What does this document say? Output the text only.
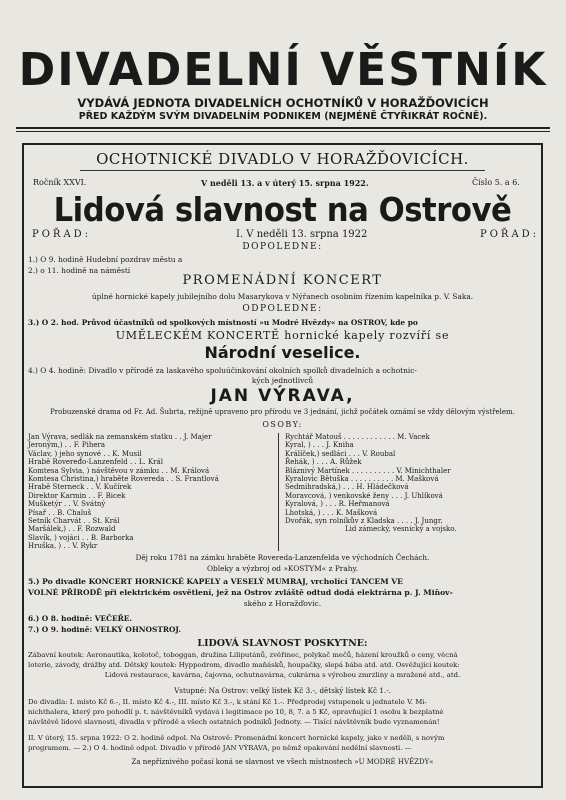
DIVADELNÍ VĚSTNÍK
VYDÁVÁ JEDNOTA DIVADELNÍCH OCHOTNÍKŮ V HORAŽĎOVICÍCH
PŘED KAŽDÝM SVÝM DIVADELNÍM PODNIKEM (NEJMÉNĚ ČTYŘIKRÁT ROČNĚ).
OCHOTNICKÉ DIVADLO V HORAŽĎOVICÍCH.
Ročník XXVI.	V neděli 13. a v úterý 15. srpna 1922.	Číslo 5. a 6.
Lidová slavnost na Ostrově
POŘAD:	I. V neděli 13. srpna 1922	POŘAD:
DOPOLEDNE:
1.) O 9. hodině Hudební pozdrav městu a
2.) o 11. hodině na náměstí
PROMENÁDNÍ KONCERT
úplné hornické kapely jubilejního dolu Masarykova v Nýřanech osobním řízením kapelníka p. V. Saka.
ODPOLEDNE:
3.) O 2. hod. Průvod účastníků od spolkových místností »u Modré Hvězdy« na OSTROV, kde po
UMĚLECKÉM KONCERTĚ hornické kapely rozvíří se
Národní veselice.
4.) O 4. hodině: Divadlo v přírodě za laskavého spoluúčinkování okolních spolků divadelních a ochotnic-
kých jednotlivců
JAN VÝRAVA,
Probuzenské drama od Fr. Ad. Šubrta, režijně upraveno pro přírodu ve 3 jednání, jichž počátek oznámí se vždy dělovým výstřelem.
OSOBY:
Jan Výrava, sedlák na zemanském statku . . J. Majer
Jeroným,) . . F. Pihera
Václav, ) jeho synové . . K. Musil
Hrabě Roveređo-Lanzenfeld . . L. Král
Komtesa Sylvia, ) návštěvou v zámku . . M. Králová
Komtesa Christina,) hraběte Rovereda . . S. Frantlová
Hrabě Sterneck . . V. Kučírek
Direktor Karmin . . F. Bicek
Mušketýr . . V. Svátný
Písař . . B. Chaluš
Setník Charvát . . St. Král
Maršálek,) . . F. Rozwald
Slavík, ) vojáci . . B. Barborka
Hruška, ) . . V. Rykr
Rychtář Matouš . . . . . . . . . . . . M. Vacek
Kyral, ) . . . J. Kniha
Králíček,) sedláci . . . V. Roubal
Řehák, ) . . . A. Růžek
Bláznivý Martínek . . . . . . . . . . V. Minichthaler
Kyralovic Bětuška . . . . . . . . . . M. Mašková
Sedmihradská,) . . . H. Hládečková
Moravcová, ) venkovské ženy . . . J. Uhlíková
Kyralová, ) . . . R. Heřmanová
Lhotská, ) . . . K. Mašková
Dvořák, syn rolníkův z Kladska . . . . J. Jungr.
Lid zámecký, vesnický a vojsko.
Děj roku 1781 na zámku hraběte Rovereda-Lanzenfelda ve východních Čechách.
Obleky a výzbroj od »KOSTYM« z Prahy.
5.) Po divadle KONCERT HORNICKÉ KAPELY a VESELÝ MUMRAJ, vrcholící TANCEM VE
VOLNÉ PŘÍRODĚ při elektrickém osvětlení, jež na Ostrov zvláště odtud dodá elektrárna p. J. Miňov-
ského z Horažďovic.
6.) O 8. hodině: VEČEŘE.
7.) O 9. hodině: VELKÝ OHNOSTROJ.
LIDOVÁ SLAVNOST POSKYTNE:
Zábavní koutek: Aeronautika, kolotoč, toboggan, družina Liliputánů, zvěřinec, polykač mečů, házení kroužků o ceny, věcná
loterie, závody, drážby atd. Dětský koutek: Hyppodrom, divadlo maňásků, houpačky, slepá bába atd. atd. Osvěžující koutek:
Lidová restaurace, kavárna, čajovna, ochutnavárna, cukrárna s výrobou zmrzliny a mražené atd., atd.
Vstupné: Na Ostrov: velký lístek Kč 3.-, dětský lístek Kč 1.-.
Do divadla: I. místo Kč 6.-, II. místo Kč 4.-, III. místo Kč 3.-, k stání Kč 1.-. Předprodej vstupenek u jednatele V. Mi-
nichthalera, který pro pohodlí p. t. návštěvníků vydává i legitimace po 10, 8, 7. a 5 Kč, opravňující 1 osobu k bezplatné
návštěvě lidové slavnosti, divadla v přírodě a všech ostatních podniků Jednoty. — Tisící návštěvník bude vyznamenán!
II. V úterý, 15. srpna 1922: O 2. hodině odpol. Na Ostrově: Promenádní koncert hornické kapely, jako v neděli, s novým
programem. — 2.) O 4. hodině odpol. Divadlo v přírodě JAN VÝRAVA, po němž opakování nedělní slavnosti. —
Za nepříznivého počasí koná se slavnost ve všech místnostech »U MODRÉ HVĚZDY«
